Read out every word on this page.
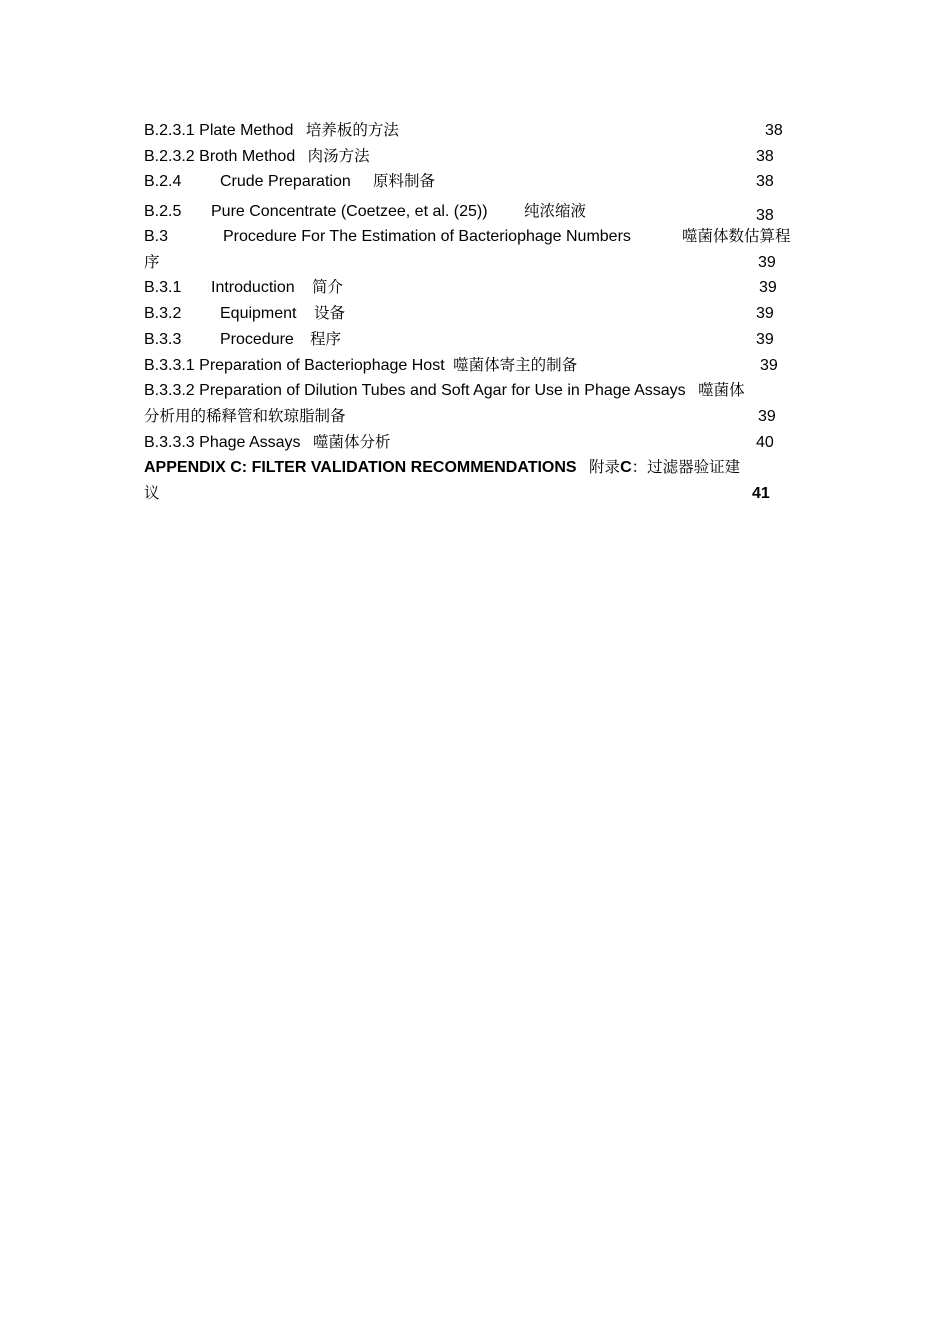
B.2.3.1 Plate Method 培养板的方法	38
B.2.3.2 Broth Method 肉汤方法	38
B.2.4 Crude Preparation 原料制备	38
B.2.5 Pure Concentrate (Coetzee, et al. (25)) 纯浓缩液	38
B.3	Procedure For The Estimation of Bacteriophage Numbers	噬菌体数估算程
序	39
B.3.1 Introduction 简介	39
B.3.2 Equipment 设备	39
B.3.3 Procedure 程序	39
B.3.3.1 Preparation of Bacteriophage Host 噬菌体寄主的制备	39
B.3.3.2 Preparation of Dilution Tubes and Soft Agar for Use in Phage Assays 噬菌体
分析用的稀释管和软琼脂制备	39
B.3.3.3 Phage Assays 噬菌体分析	40
APPENDIX C: FILTER VALIDATION RECOMMENDATIONS 附录C：过滤器验证建
议	41
